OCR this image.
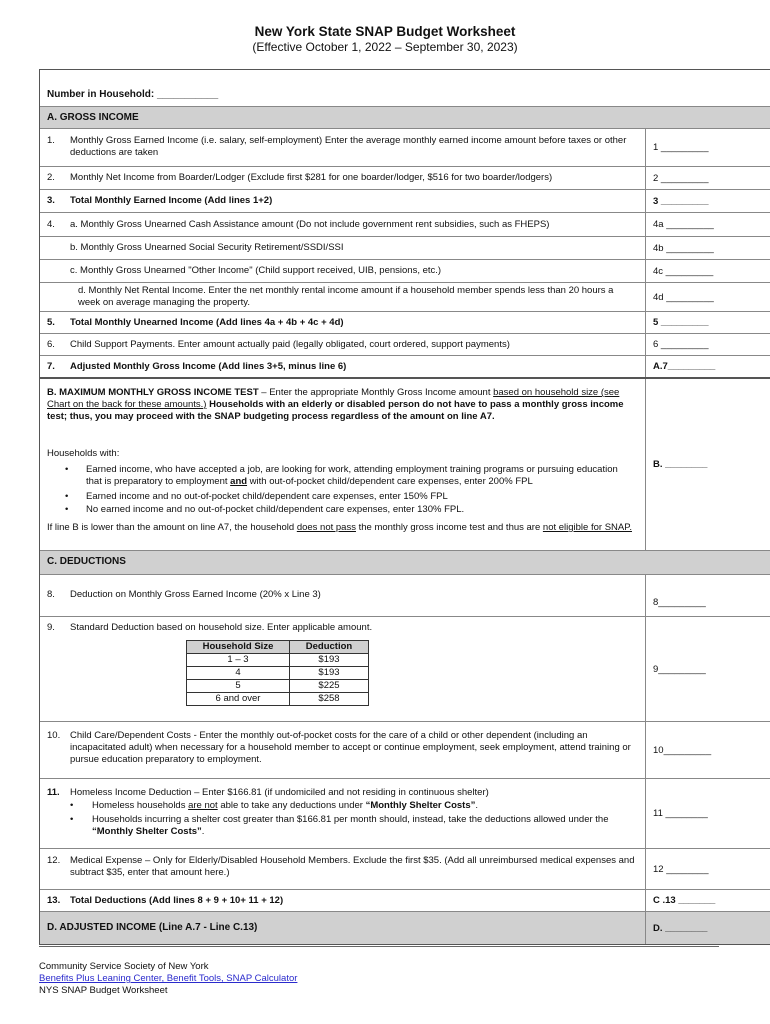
New York State SNAP Budget Worksheet
(Effective October 1, 2022 – September 30, 2023)
Number in Household: ___________
A. GROSS INCOME
1. Monthly Gross Earned Income (i.e. salary, self-employment) Enter the average monthly earned income amount before taxes or other deductions are taken	1 _________
2. Monthly Net Income from Boarder/Lodger (Exclude first $281 for one boarder/lodger, $516 for two boarder/lodgers)	2 _________
3. Total Monthly Earned Income (Add lines 1+2)	3 _________
4. a. Monthly Gross Unearned Cash Assistance amount (Do not include government rent subsidies, such as FHEPS)	4a _________
b. Monthly Gross Unearned Social Security Retirement/SSDI/SSI	4b _________
c. Monthly Gross Unearned "Other Income" (Child support received, UIB, pensions, etc.)	4c _________
d. Monthly Net Rental Income. Enter the net monthly rental income amount if a household member spends less than 20 hours a week on average managing the property.	4d _________
5. Total Monthly Unearned Income (Add lines 4a + 4b + 4c + 4d)	5 _________
6. Child Support Payments. Enter amount actually paid (legally obligated, court ordered, support payments)	6 _________
7. Adjusted Monthly Gross Income (Add lines 3+5, minus line 6)	A.7_________
B. MAXIMUM MONTHLY GROSS INCOME TEST – Enter the appropriate Monthly Gross Income amount based on household size (see Chart on the back for these amounts.) Households with an elderly or disabled person do not have to pass a monthly gross income test; thus, you may proceed with the SNAP budgeting process regardless of the amount on line A7.
Households with:
• Earned income, who have accepted a job, are looking for work, attending employment training programs or pursuing education that is preparatory to employment and with out-of-pocket child/dependent care expenses, enter 200% FPL
• Earned income and no out-of-pocket child/dependent care expenses, enter 150% FPL
• No earned income and no out-of-pocket child/dependent care expenses, enter 130% FPL.
If line B is lower than the amount on line A7, the household does not pass the monthly gross income test and thus are not eligible for SNAP.
B. ________
C. DEDUCTIONS
8. Deduction on Monthly Gross Earned Income (20% x Line 3)
8_________
9. Standard Deduction based on household size. Enter applicable amount.
Household Size	Deduction
1 – 3	$193
4	$193
5	$225
6 and over	$258
9_________
10. Child Care/Dependent Costs - Enter the monthly out-of-pocket costs for the care of a child or other dependent (including an incapacitated adult) when necessary for a household member to accept or continue employment, seek employment, attend training or pursue education preparatory to employment.
10_________
11. Homeless Income Deduction – Enter $166.81 (if undomiciled and not residing in continuous shelter)
• Homeless households are not able to take any deductions under “Monthly Shelter Costs”.
• Households incurring a shelter cost greater than $166.81 per month should, instead, take the deductions allowed under the “Monthly Shelter Costs”.
11 ________
12. Medical Expense – Only for Elderly/Disabled Household Members. Exclude the first $35. (Add all unreimbursed medical expenses and subtract $35, enter that amount here.)	12 ________
13. Total Deductions (Add lines 8 + 9 + 10+ 11 + 12)	C .13 _______
D. ADJUSTED INCOME (Line A.7 - Line C.13)	D. ________
Community Service Society of New York
Benefits Plus Leaning Center, Benefit Tools, SNAP Calculator
NYS SNAP Budget Worksheet
